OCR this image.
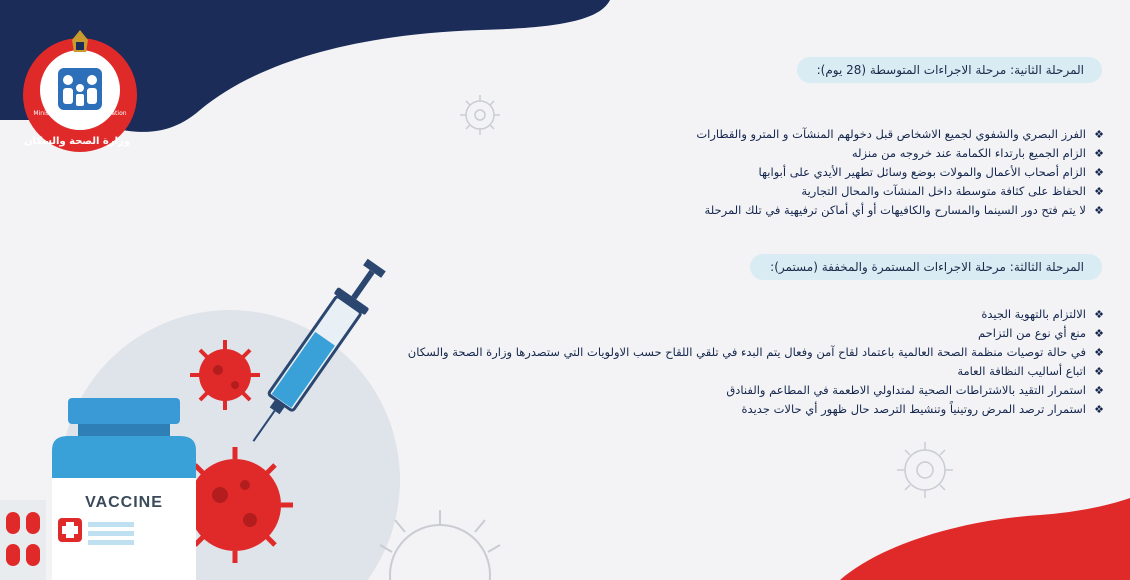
وزارة الصحة والسكان
Ministry of Health & Population
VACCINE
المرحلة الثانية: مرحلة الاجراءات المتوسطة (28 يوم):
❖
الفرز البصري والشفوي لجميع الاشخاص قبل دخولهم المنشآت و المترو والقطارات
❖
الزام الجميع بارتداء الكمامة عند خروجه من منزله
❖
الزام أصحاب الأعمال والمولات بوضع وسائل تطهير الأيدي على أبوابها
❖
الحفاظ على كثافة متوسطة داخل المنشآت والمحال التجارية
❖
لا يتم فتح دور السينما والمسارح والكافيهات أو أي أماكن ترفيهية في تلك المرحلة
المرحلة الثالثة: مرحلة الاجراءات المستمرة والمخففة (مستمر):
❖
الالتزام بالتهوية الجيدة
❖
منع أي نوع من التزاحم
❖
في حالة توصيات منظمة الصحة العالمية باعتماد لقاح آمن وفعال يتم البدء في تلقي اللقاح حسب الاولويات التي ستصدرها وزارة الصحة والسكان
❖
اتباع أساليب النظافة العامة
❖
استمرار التقيد بالاشتراطات الصحية لمتداولي الاطعمة في المطاعم والفنادق
❖
استمرار ترصد المرض روتينياً وتنشيط الترصد حال ظهور أي حالات جديدة
